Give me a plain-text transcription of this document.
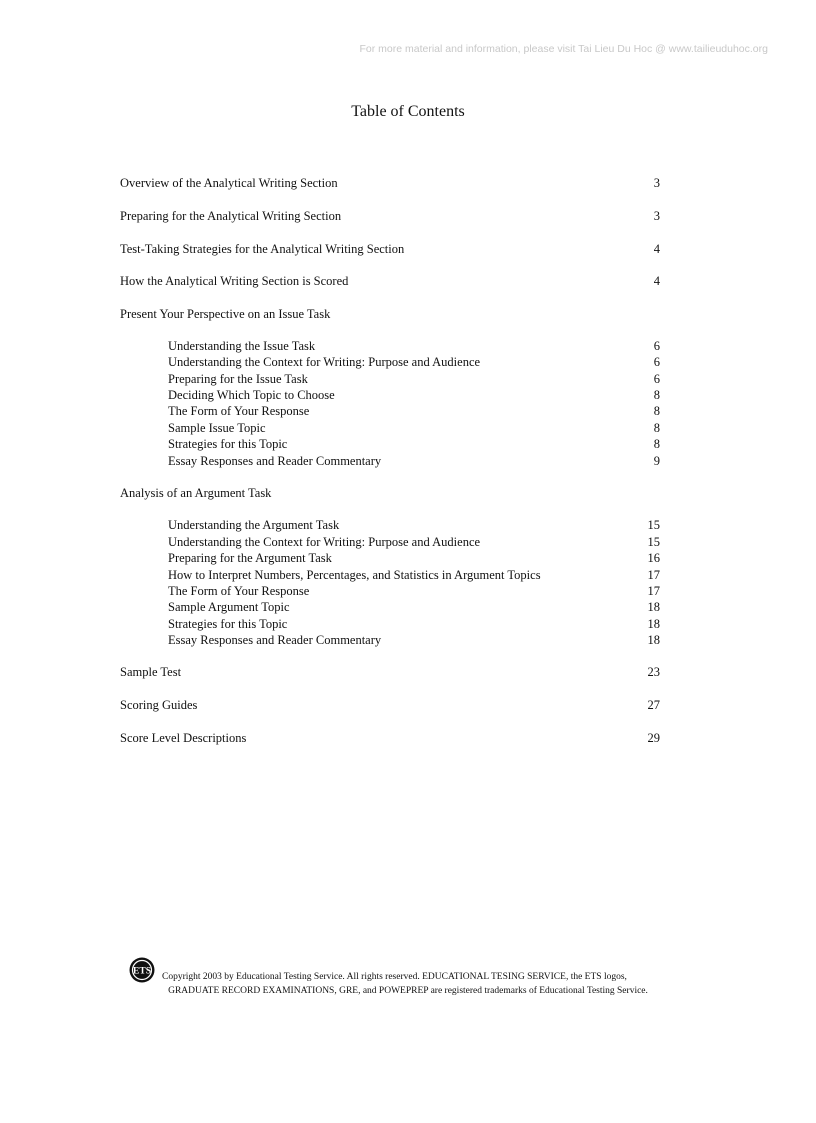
For more material and information, please visit Tai Lieu Du Hoc @ www.tailieuduhoc.org
Table of Contents
Overview of the Analytical Writing Section	3
Preparing for the Analytical Writing Section	3
Test-Taking Strategies for the Analytical Writing Section	4
How the Analytical Writing Section is Scored	4
Present Your Perspective on an Issue Task
Understanding the Issue Task	6
Understanding the Context for Writing: Purpose and Audience	6
Preparing for the Issue Task	6
Deciding Which Topic to Choose	8
The Form of Your Response	8
Sample Issue Topic	8
Strategies for this Topic	8
Essay Responses and Reader Commentary	9
Analysis of an Argument Task
Understanding the Argument Task	15
Understanding the Context for Writing: Purpose and Audience	15
Preparing for the Argument Task	16
How to Interpret Numbers, Percentages, and Statistics in Argument Topics	17
The Form of Your Response	17
Sample Argument Topic	18
Strategies for this Topic	18
Essay Responses and Reader Commentary	18
Sample Test	23
Scoring Guides	27
Score Level Descriptions	29
ETS
Copyright 2003 by Educational Testing Service. All rights reserved. EDUCATIONAL TESING SERVICE, the ETS logos,
GRADUATE RECORD EXAMINATIONS, GRE, and POWEPREP are registered trademarks of Educational Testing Service.
